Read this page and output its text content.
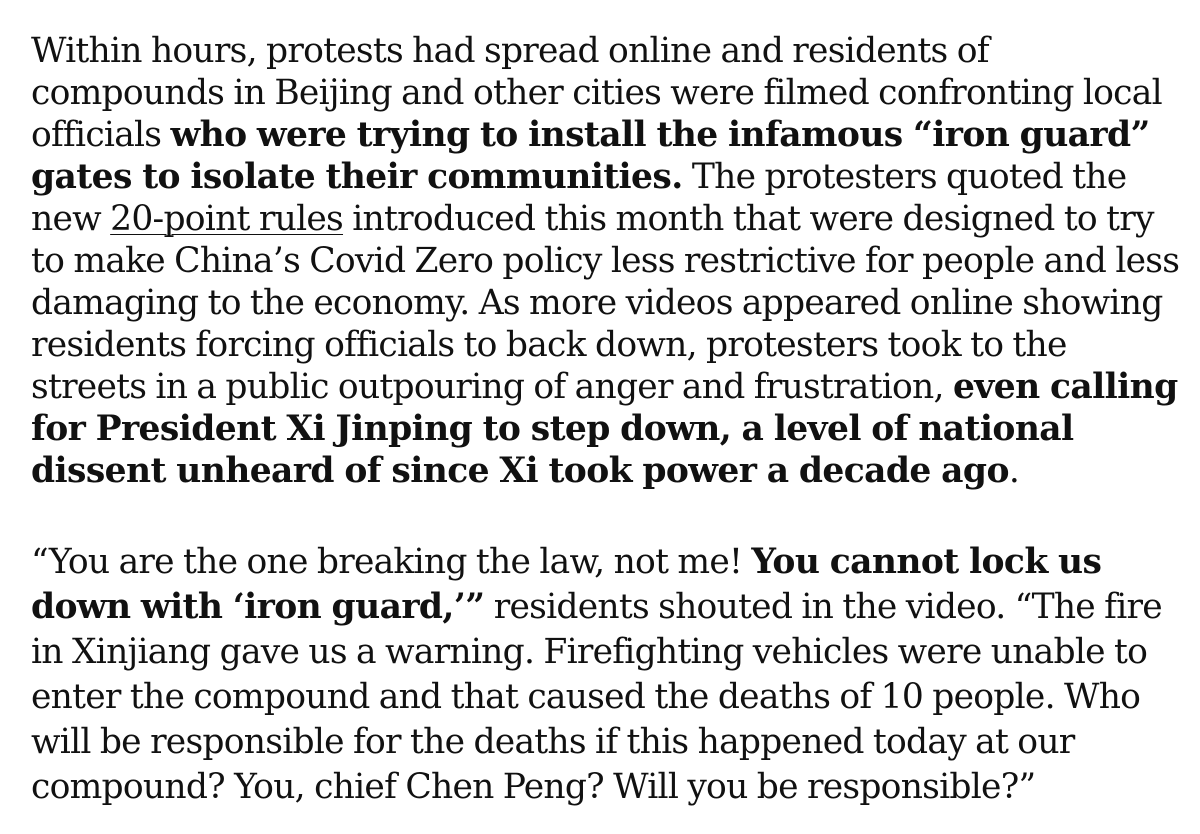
Within hours, protests had spread online and residents of compounds in Beijing and other cities were filmed confronting local officials who were trying to install the infamous “iron guard” gates to isolate their communities. The protesters quoted the new 20-point rules introduced this month that were designed to try to make China’s Covid Zero policy less restrictive for people and less damaging to the economy. As more videos appeared online showing residents forcing officials to back down, protesters took to the streets in a public outpouring of anger and frustration, even calling for President Xi Jinping to step down, a level of national dissent unheard of since Xi took power a decade ago.

“You are the one breaking the law, not me! You cannot lock us down with ‘iron guard,’” residents shouted in the video. “The fire in Xinjiang gave us a warning. Firefighting vehicles were unable to enter the compound and that caused the deaths of 10 people. Who will be responsible for the deaths if this happened today at our compound? You, chief Chen Peng? Will you be responsible?”
